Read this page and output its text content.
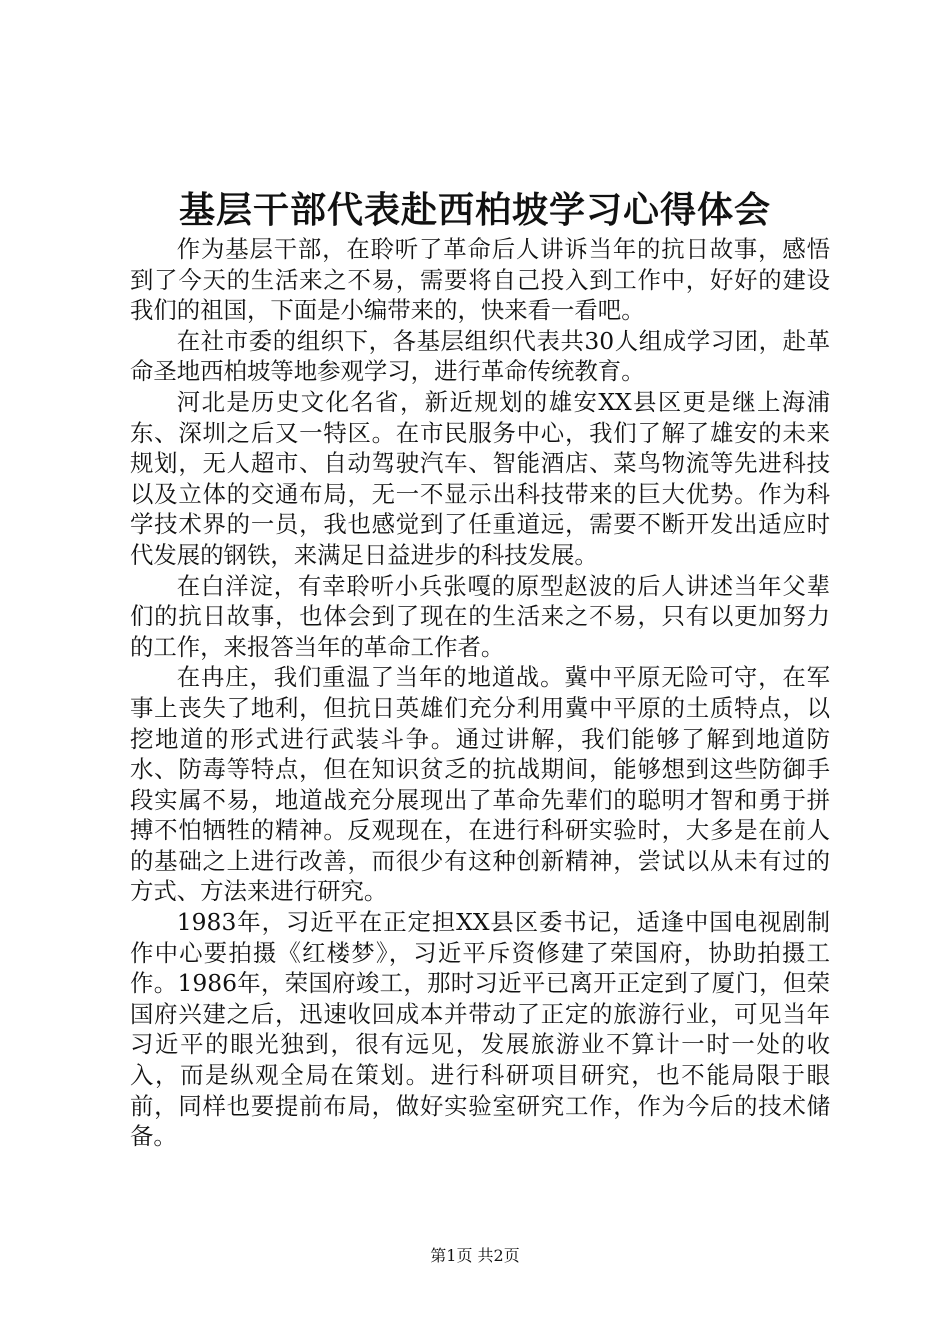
基层干部代表赴西柏坡学习心得体会

作为基层干部，在聆听了革命后人讲诉当年的抗日故事，感悟到了今天的生活来之不易，需要将自己投入到工作中，好好的建设我们的祖国，下面是小编带来的，快来看一看吧。

在社市委的组织下，各基层组织代表共30人组成学习团，赴革命圣地西柏坡等地参观学习，进行革命传统教育。

河北是历史文化名省，新近规划的雄安XX县区更是继上海浦东、深圳之后又一特区。在市民服务中心，我们了解了雄安的未来规划，无人超市、自动驾驶汽车、智能酒店、菜鸟物流等先进科技以及立体的交通布局，无一不显示出科技带来的巨大优势。作为科学技术界的一员，我也感觉到了任重道远，需要不断开发出适应时代发展的钢铁，来满足日益进步的科技发展。

在白洋淀，有幸聆听小兵张嘎的原型赵波的后人讲述当年父辈们的抗日故事，也体会到了现在的生活来之不易，只有以更加努力的工作，来报答当年的革命工作者。

在冉庄，我们重温了当年的地道战。冀中平原无险可守，在军事上丧失了地利，但抗日英雄们充分利用冀中平原的土质特点，以挖地道的形式进行武装斗争。通过讲解，我们能够了解到地道防水、防毒等特点，但在知识贫乏的抗战期间，能够想到这些防御手段实属不易，地道战充分展现出了革命先辈们的聪明才智和勇于拼搏不怕牺牲的精神。反观现在，在进行科研实验时，大多是在前人的基础之上进行改善，而很少有这种创新精神，尝试以从未有过的方式、方法来进行研究。

1983年，习近平在正定担XX县区委书记，适逢中国电视剧制作中心要拍摄《红楼梦》，习近平斥资修建了荣国府，协助拍摄工作。1986年，荣国府竣工，那时习近平已离开正定到了厦门，但荣国府兴建之后，迅速收回成本并带动了正定的旅游行业，可见当年习近平的眼光独到，很有远见，发展旅游业不算计一时一处的收入，而是纵观全局在策划。进行科研项目研究，也不能局限于眼前，同样也要提前布局，做好实验室研究工作，作为今后的技术储备。

第1页 共2页
